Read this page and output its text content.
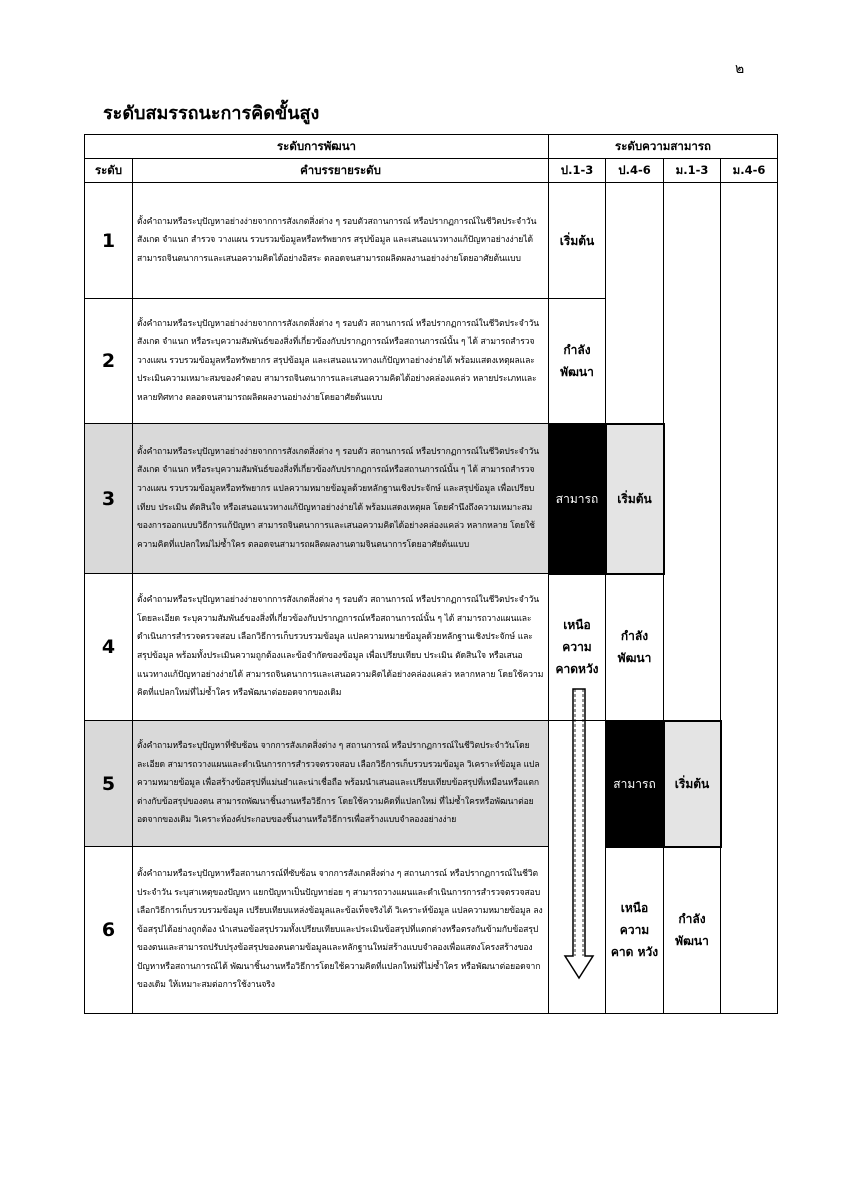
๒
ระดับสมรรถนะการคิดขั้นสูง
ระดับการพัฒนา		ระดับความสามารถ			
ระดับ	คำบรรยายระดับ	ป.1-3	ป.4-6	ม.1-3	ม.4-6
1	ตั้งคำถามหรือระบุปัญหาอย่างง่ายจากการสังเกตสิ่งต่าง ๆ รอบตัวสถานการณ์ หรือปรากฏการณ์ในชีวิตประจำวัน สังเกต จำแนก สำรวจ วางแผน รวบรวมข้อมูลหรือทรัพยากร สรุปข้อมูล และเสนอแนวทางแก้ปัญหาอย่างง่ายได้ สามารถจินตนาการและเสนอความคิดได้อย่างอิสระ ตลอดจนสามารถผลิตผลงานอย่างง่ายโดยอาศัยต้นแบบ	เริ่มต้น			
2	ตั้งคำถามหรือระบุปัญหาอย่างง่ายจากการสังเกตสิ่งต่าง ๆ รอบตัว สถานการณ์ หรือปรากฏการณ์ในชีวิตประจำวัน สังเกต จำแนก หรือระบุความสัมพันธ์ของสิ่งที่เกี่ยวข้องกับปรากฏการณ์หรือสถานการณ์นั้น ๆ ได้ สามารถสำรวจ วางแผน รวบรวมข้อมูลหรือทรัพยากร สรุปข้อมูล และเสนอแนวทางแก้ปัญหาอย่างง่ายได้ พร้อมแสดงเหตุผลและประเมินความเหมาะสมของคำตอบ สามารถจินตนาการและเสนอความคิดได้อย่างคล่องแคล่ว หลายประเภทและหลายทิศทาง ตลอดจนสามารถผลิตผลงานอย่างง่ายโดยอาศัยต้นแบบ	กำลัง พัฒนา			
3	ตั้งคำถามหรือระบุปัญหาอย่างง่ายจากการสังเกตสิ่งต่าง ๆ รอบตัว สถานการณ์ หรือปรากฏการณ์ในชีวิตประจำวัน สังเกต จำแนก หรือระบุความสัมพันธ์ของสิ่งที่เกี่ยวข้องกับปรากฏการณ์หรือสถานการณ์นั้น ๆ ได้ สามารถสำรวจ วางแผน รวบรวมข้อมูลหรือทรัพยากร แปลความหมายข้อมูลด้วยหลักฐานเชิงประจักษ์ และสรุปข้อมูล เพื่อเปรียบเทียบ ประเมิน ตัดสินใจ หรือเสนอแนวทางแก้ปัญหาอย่างง่ายได้ พร้อมแสดงเหตุผล โดยคำนึงถึงความเหมาะสมของการออกแบบวิธีการแก้ปัญหา สามารถจินตนาการและเสนอความคิดได้อย่างคล่องแคล่ว หลากหลาย โดยใช้ความคิดที่แปลกใหม่ไม่ซ้ำใคร ตลอดจนสามารถผลิตผลงานตามจินตนาการโดยอาศัยต้นแบบ	สามารถ	เริ่มต้น		
4	ตั้งคำถามหรือระบุปัญหาอย่างง่ายจากการสังเกตสิ่งต่าง ๆ รอบตัว สถานการณ์ หรือปรากฏการณ์ในชีวิตประจำวันโดยละเอียด ระบุความสัมพันธ์ของสิ่งที่เกี่ยวข้องกับปรากฏการณ์หรือสถานการณ์นั้น ๆ ได้ สามารถวางแผนและดำเนินการสำรวจตรวจสอบ เลือกวิธีการเก็บรวบรวมข้อมูล แปลความหมายข้อมูลด้วยหลักฐานเชิงประจักษ์ และสรุปข้อมูล พร้อมทั้งประเมินความถูกต้องและข้อจำกัดของข้อมูล เพื่อเปรียบเทียบ ประเมิน ตัดสินใจ หรือเสนอแนวทางแก้ปัญหาอย่างง่ายได้ สามารถจินตนาการและเสนอความคิดได้อย่างคล่องแคล่ว หลากหลาย โดยใช้ความคิดที่แปลกใหม่ที่ไม่ซ้ำใคร หรือพัฒนาต่อยอดจากของเดิม	เหนือ ความ คาดหวัง	กำลัง พัฒนา		
5	ตั้งคำถามหรือระบุปัญหาที่ซับซ้อน จากการสังเกตสิ่งต่าง ๆ สถานการณ์ หรือปรากฏการณ์ในชีวิตประจำวันโดยละเอียด สามารถวางแผนและดำเนินการการสำรวจตรวจสอบ เลือกวิธีการเก็บรวบรวมข้อมูล วิเคราะห์ข้อมูล แปลความหมายข้อมูล เพื่อสร้างข้อสรุปที่แม่นยำและน่าเชื่อถือ พร้อมนำเสนอและเปรียบเทียบข้อสรุปที่เหมือนหรือแตกต่างกับข้อสรุปของตน สามารถพัฒนาชิ้นงานหรือวิธีการ โดยใช้ความคิดที่แปลกใหม่ ที่ไม่ซ้ำใครหรือพัฒนาต่อยอดจากของเดิม วิเคราะห์องค์ประกอบของชิ้นงานหรือวิธีการเพื่อสร้างแบบจำลองอย่างง่าย		สามารถ	เริ่มต้น	
6	ตั้งคำถามหรือระบุปัญหาหรือสถานการณ์ที่ซับซ้อน จากการสังเกตสิ่งต่าง ๆ สถานการณ์ หรือปรากฏการณ์ในชีวิตประจำวัน ระบุสาเหตุของปัญหา แยกปัญหาเป็นปัญหาย่อย ๆ สามารถวางแผนและดำเนินการการสำรวจตรวจสอบ เลือกวิธีการเก็บรวบรวมข้อมูล เปรียบเทียบแหล่งข้อมูลและข้อเท็จจริงได้ วิเคราะห์ข้อมูล แปลความหมายข้อมูล ลงข้อสรุปได้อย่างถูกต้อง นำเสนอข้อสรุปรวมทั้งเปรียบเทียบและประเมินข้อสรุปที่แตกต่างหรือตรงกันข้ามกับข้อสรุปของตนและสามารถปรับปรุงข้อสรุปของตนตามข้อมูลและหลักฐานใหม่สร้างแบบจำลองเพื่อแสดงโครงสร้างของปัญหาหรือสถานการณ์ได้ พัฒนาชิ้นงานหรือวิธีการโดยใช้ความคิดที่แปลกใหม่ที่ไม่ซ้ำใคร หรือพัฒนาต่อยอดจากของเดิม ให้เหมาะสมต่อการใช้งานจริง		เหนือ ความ คาด หวัง	กำลัง พัฒนา	
